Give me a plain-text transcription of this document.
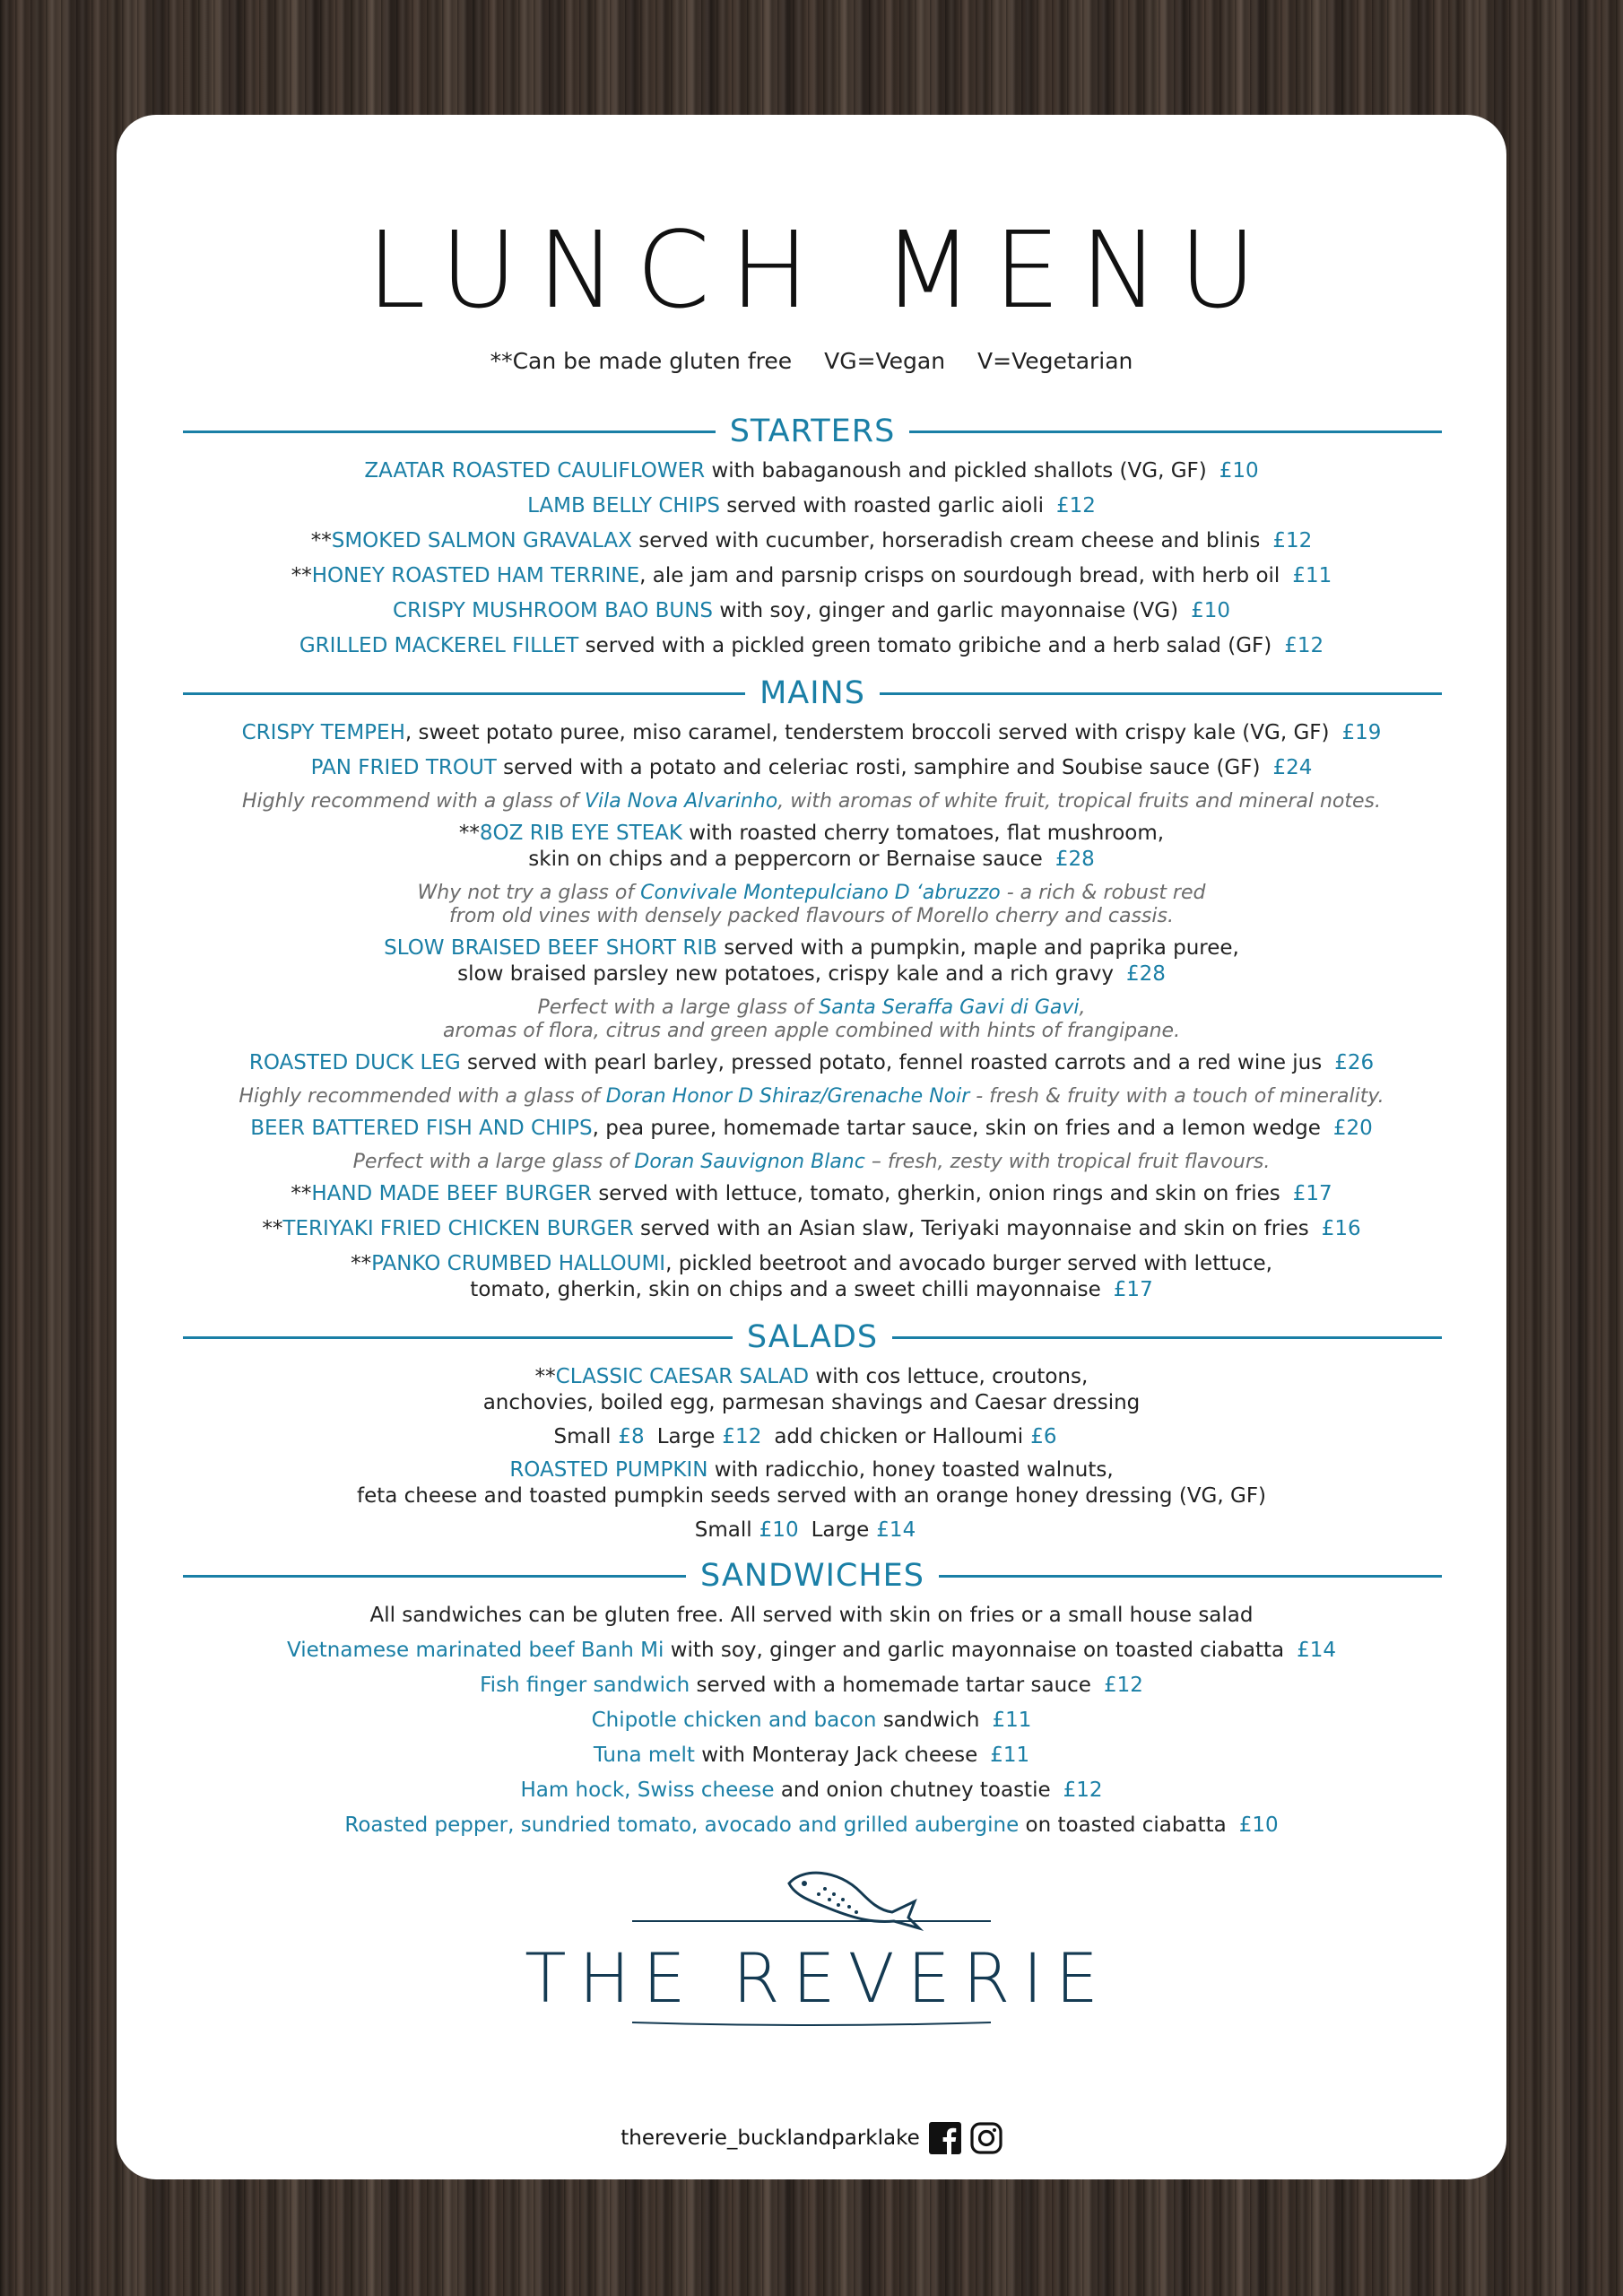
LUNCH MENU
**Can be made gluten free VG=Vegan V=Vegetarian
STARTERS
ZAATAR ROASTED CAULIFLOWER with babaganoush and pickled shallots (VG, GF) £10
LAMB BELLY CHIPS served with roasted garlic aioli £12
**SMOKED SALMON GRAVALAX served with cucumber, horseradish cream cheese and blinis £12
**HONEY ROASTED HAM TERRINE, ale jam and parsnip crisps on sourdough bread, with herb oil £11
CRISPY MUSHROOM BAO BUNS with soy, ginger and garlic mayonnaise (VG) £10
GRILLED MACKEREL FILLET served with a pickled green tomato gribiche and a herb salad (GF) £12
MAINS
CRISPY TEMPEH, sweet potato puree, miso caramel, tenderstem broccoli served with crispy kale (VG, GF) £19
PAN FRIED TROUT served with a potato and celeriac rosti, samphire and Soubise sauce (GF) £24
Highly recommend with a glass of Vila Nova Alvarinho, with aromas of white fruit, tropical fruits and mineral notes.
**8OZ RIB EYE STEAK with roasted cherry tomatoes, flat mushroom,
skin on chips and a peppercorn or Bernaise sauce £28
Why not try a glass of Convivale Montepulciano D ‘abruzzo - a rich & robust red
from old vines with densely packed flavours of Morello cherry and cassis.
SLOW BRAISED BEEF SHORT RIB served with a pumpkin, maple and paprika puree,
slow braised parsley new potatoes, crispy kale and a rich gravy £28
Perfect with a large glass of Santa Seraffa Gavi di Gavi,
aromas of flora, citrus and green apple combined with hints of frangipane.
ROASTED DUCK LEG served with pearl barley, pressed potato, fennel roasted carrots and a red wine jus £26
Highly recommended with a glass of Doran Honor D Shiraz/Grenache Noir - fresh & fruity with a touch of minerality.
BEER BATTERED FISH AND CHIPS, pea puree, homemade tartar sauce, skin on fries and a lemon wedge £20
Perfect with a large glass of Doran Sauvignon Blanc – fresh, zesty with tropical fruit flavours.
**HAND MADE BEEF BURGER served with lettuce, tomato, gherkin, onion rings and skin on fries £17
**TERIYAKI FRIED CHICKEN BURGER served with an Asian slaw, Teriyaki mayonnaise and skin on fries £16
**PANKO CRUMBED HALLOUMI, pickled beetroot and avocado burger served with lettuce,
tomato, gherkin, skin on chips and a sweet chilli mayonnaise £17
SALADS
**CLASSIC CAESAR SALAD with cos lettuce, croutons,
anchovies, boiled egg, parmesan shavings and Caesar dressing
Small £8 Large £12 add chicken or Halloumi £6
ROASTED PUMPKIN with radicchio, honey toasted walnuts,
feta cheese and toasted pumpkin seeds served with an orange honey dressing (VG, GF)
Small £10 Large £14
SANDWICHES
All sandwiches can be gluten free. All served with skin on fries or a small house salad
Vietnamese marinated beef Banh Mi with soy, ginger and garlic mayonnaise on toasted ciabatta £14
Fish finger sandwich served with a homemade tartar sauce £12
Chipotle chicken and bacon sandwich £11
Tuna melt with Monteray Jack cheese £11
Ham hock, Swiss cheese and onion chutney toastie £12
Roasted pepper, sundried tomato, avocado and grilled aubergine on toasted ciabatta £10
THE REVERIE
thereverie_bucklandparklake
